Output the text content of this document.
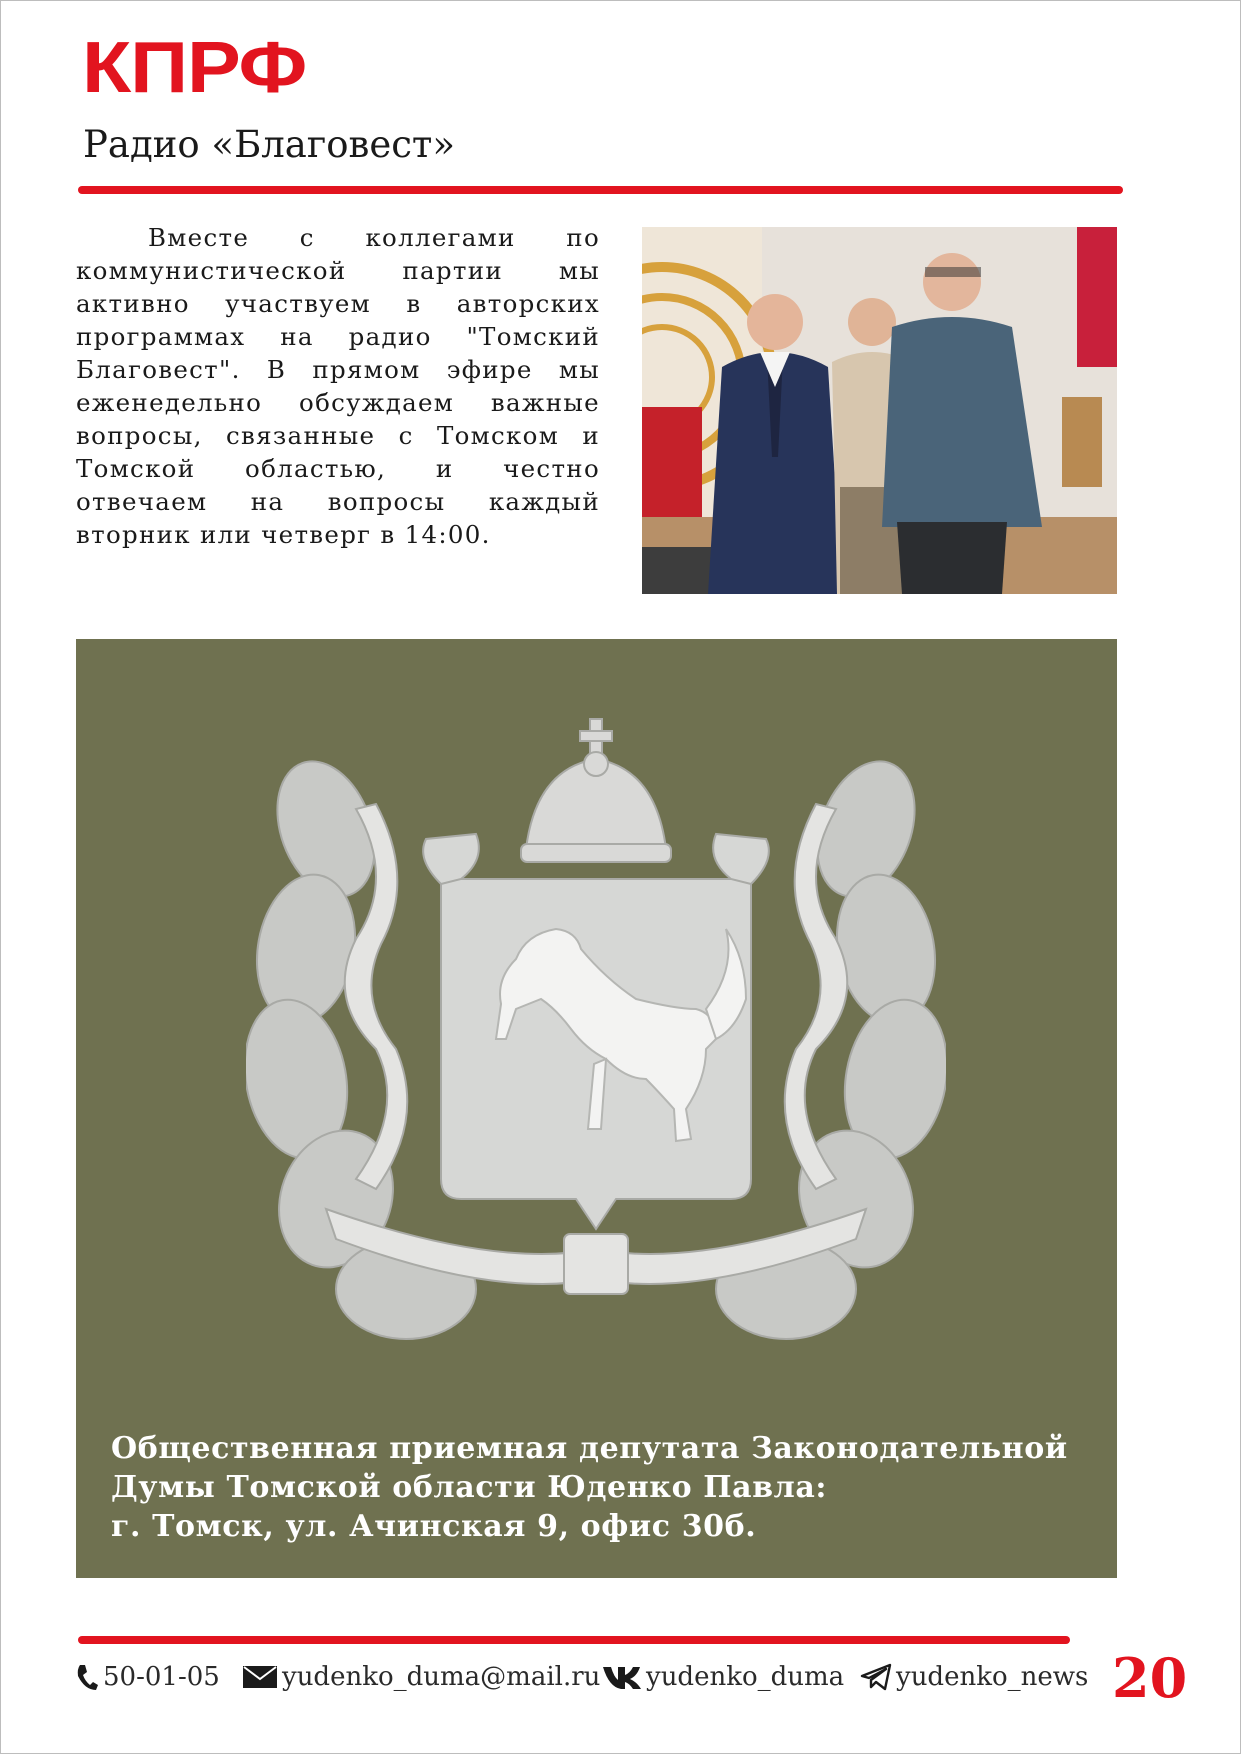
КПРФ
Радио «Благовест»
Вместе с коллегами по коммунистической партии мы активно участвуем в авторских программах на радио "Томский Благовест". В прямом эфире мы еженедельно обсуждаем важные вопросы, связанные с Томском и Томской областью, и честно отвечаем на вопросы каждый вторник или четверг в 14:00.
Общественная приемная депутата Законодательной
Думы Томской области Юденко Павла:
г. Томск, ул. Ачинская 9, офис 30б.
50-01-05 yudenko_duma@mail.ru yudenko_duma yudenko_news 20
